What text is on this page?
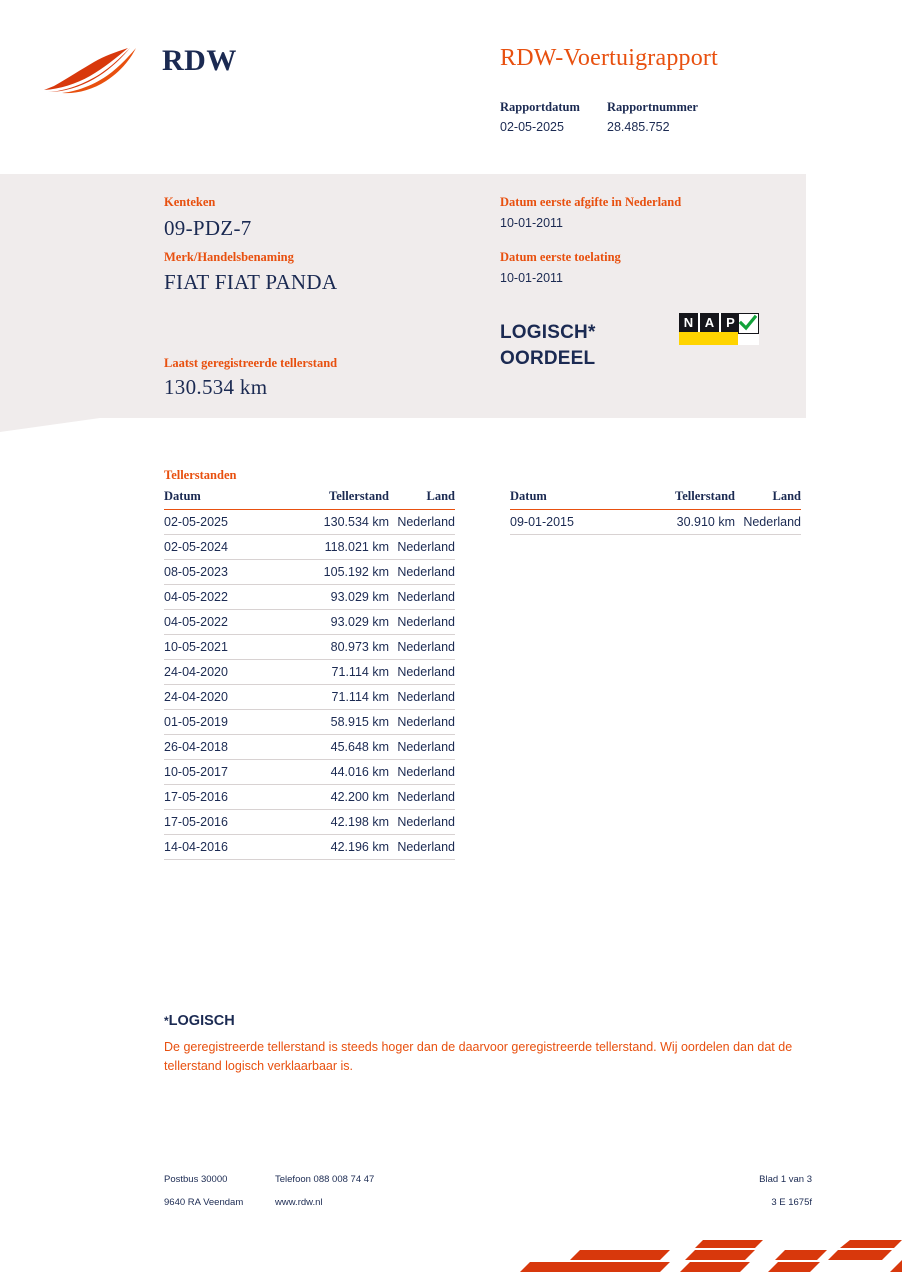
RDW	RDW-Voertuigrapport
Rapportdatum	Rapportnummer
02-05-2025	28.485.752
Kenteken
09-PDZ-7
Merk/Handelsbenaming
FIAT FIAT PANDA
Laatst geregistreerde tellerstand
130.534 km
Datum eerste afgifte in Nederland
10-01-2011
Datum eerste toelating
10-01-2011
LOGISCH*
OORDEEL
N A P
Tellerstanden
Datum	Tellerstand	Land
02-05-2025	130.534 km	Nederland
02-05-2024	118.021 km	Nederland
08-05-2023	105.192 km	Nederland
04-05-2022	93.029 km	Nederland
04-05-2022	93.029 km	Nederland
10-05-2021	80.973 km	Nederland
24-04-2020	71.114 km	Nederland
24-04-2020	71.114 km	Nederland
01-05-2019	58.915 km	Nederland
26-04-2018	45.648 km	Nederland
10-05-2017	44.016 km	Nederland
17-05-2016	42.200 km	Nederland
17-05-2016	42.198 km	Nederland
14-04-2016	42.196 km	Nederland
Datum	Tellerstand	Land
09-01-2015	30.910 km	Nederland
*LOGISCH
De geregistreerde tellerstand is steeds hoger dan de daarvoor geregistreerde tellerstand. Wij oordelen dan dat de tellerstand logisch verklaarbaar is.
Postbus 30000
9640 RA Veendam
Telefoon 088 008 74 47
www.rdw.nl
Blad 1 van 3
3 E 1675f
